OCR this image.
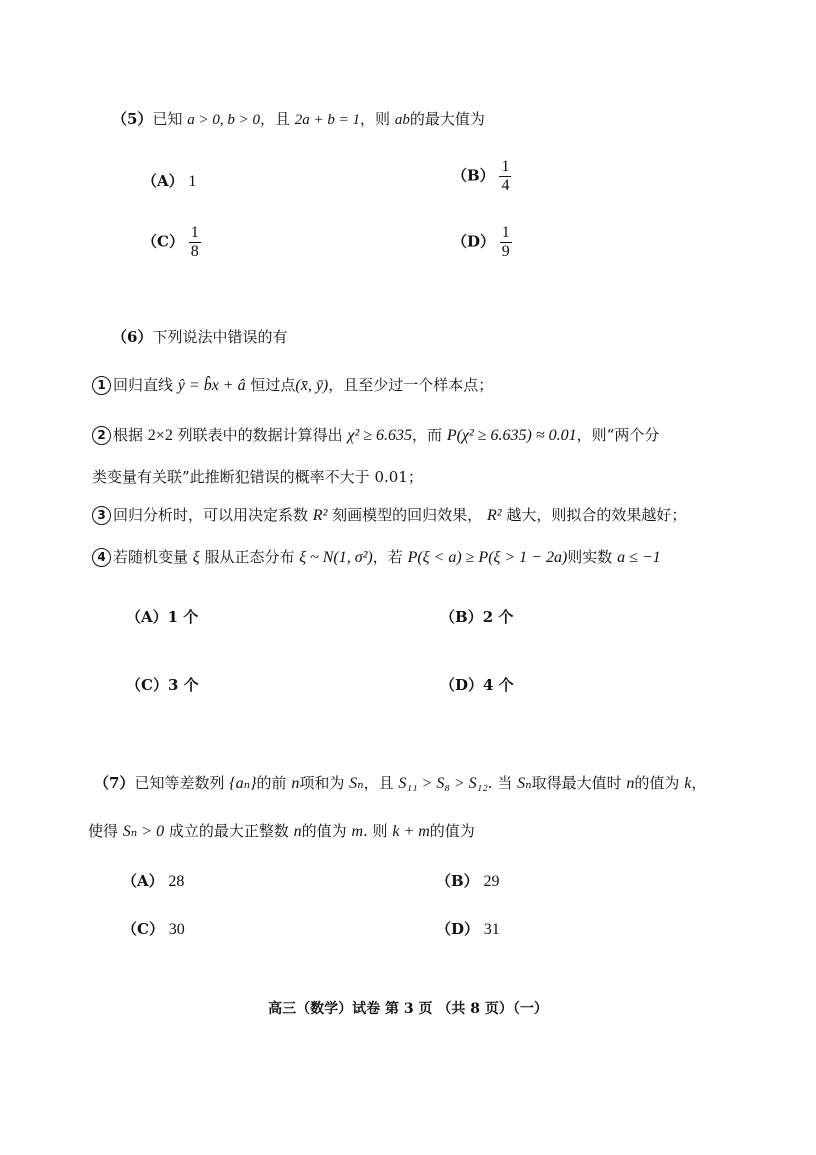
（5）已知 a > 0, b > 0，且 2a + b = 1，则 ab的最大值为
（A） 1	$(B) \frac{1}{4}$
$(C) \frac{1}{8}$	$(D) \frac{1}{9}$
（6）下列说法中错误的有
1 回归直线 ŷ = b̂x + â 恒过点(x̄, ȳ)，且至少过一个样本点；
2 根据 2×2 列联表中的数据计算得出 χ² ≥ 6.635，而 P(χ² ≥ 6.635) ≈ 0.01，则“两个分
类变量有关联”此推断犯错误的概率不大于 0.01；
3 回归分析时，可以用决定系数 R² 刻画模型的回归效果， R² 越大，则拟合的效果越好；
4 若随机变量 ξ 服从正态分布 ξ ~ N(1, σ²)，若 P(ξ < a) ≥ P(ξ > 1 − 2a)则实数 a ≤ −1
（A）1 个	（B）2 个
（C）3 个	（D）4 个
（7）已知等差数列 {aₙ}的前 n项和为 Sₙ，且 S₁₁ > S₈ > S₁₂. 当 Sₙ取得最大值时 n的值为 k，
使得 Sₙ > 0 成立的最大正整数 n的值为 m. 则 k + m的值为
（A） 28	（B） 29
（C） 30	（D） 31
高三（数学）试卷 第 3 页 （共 8 页）（一）
